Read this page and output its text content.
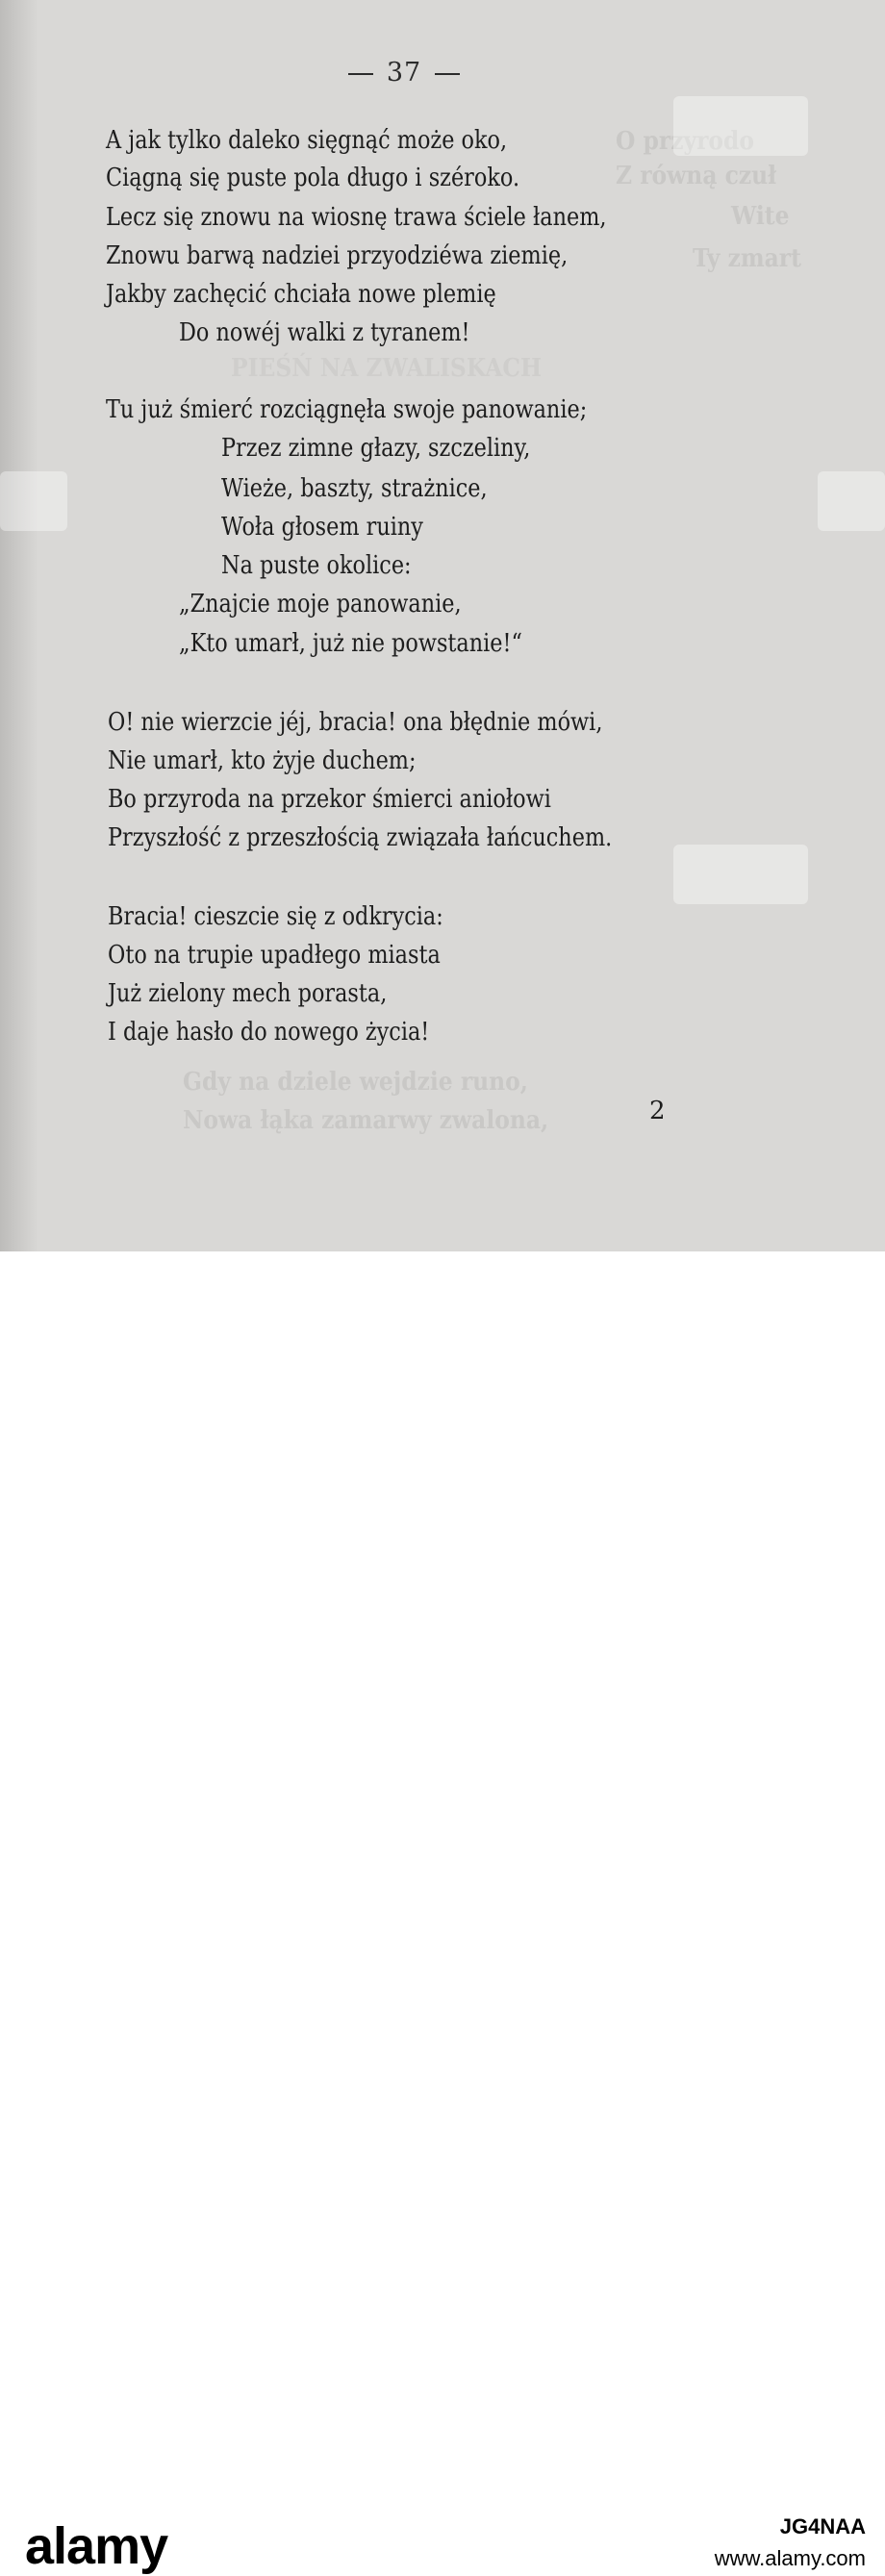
O przyrodo
Z równą czuł
Wite
Ty zmart
PIEŚŃ NA ZWALISKACH
Gdy na dziele wejdzie runo,
Nowa łąka zamarwy zwalona,
37
A jak tylko daleko sięgnąć może oko,
Ciągną się puste pola długo i széroko.
Lecz się znowu na wiosnę trawa ściele łanem,
Znowu barwą nadziei przyodziéwa ziemię,
Jakby zachęcić chciała nowe plemię
Do nowéj walki z tyranem!
Tu już śmierć rozciągnęła swoje panowanie;
Przez zimne głazy, szczeliny,
Wieże, baszty, strażnice,
Woła głosem ruiny
Na puste okolice:
„Znajcie moje panowanie,
„Kto umarł, już nie powstanie!“
O! nie wierzcie jéj, bracia! ona błędnie mówi,
Nie umarł, kto żyje duchem;
Bo przyroda na przekor śmierci aniołowi
Przyszłość z przeszłością związała łańcuchem.
Bracia! cieszcie się z odkrycia:
Oto na trupie upadłego miasta
Już zielony mech porasta,
I daje hasło do nowego życia!
2
alamy	JG4NAA
www.alamy.com
